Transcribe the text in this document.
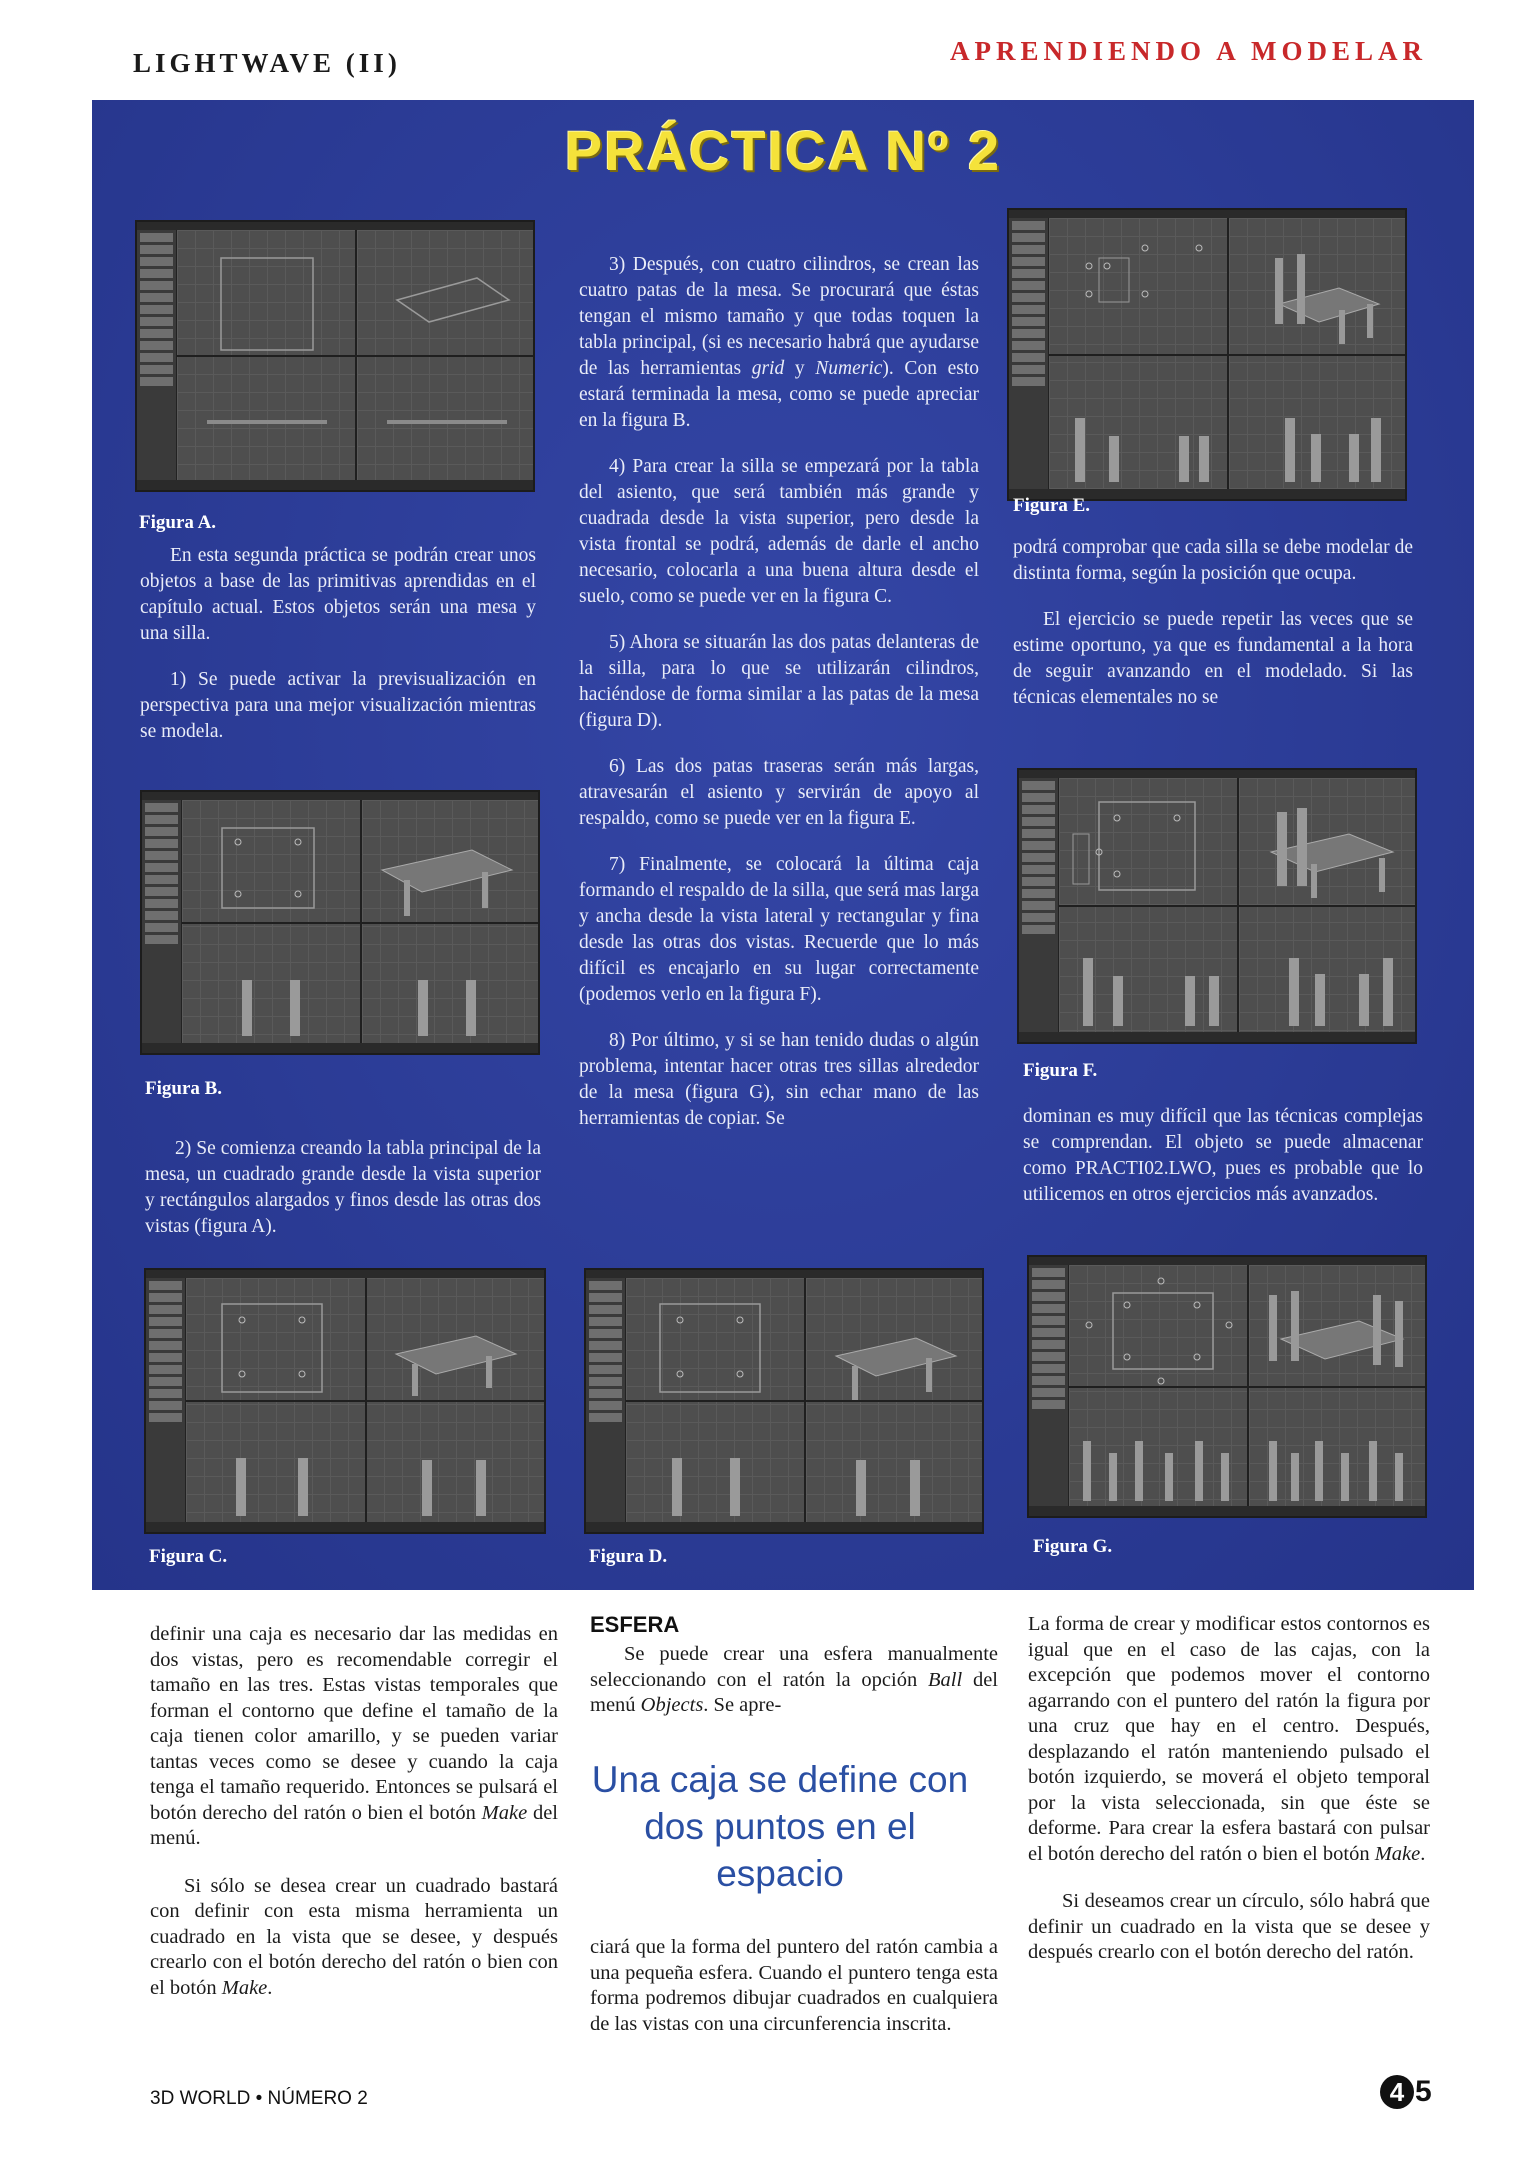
LIGHTWAVE (II)	APRENDIENDO A MODELAR
PRÁCTICA Nº 2
Figura A.
Figura B.
Figura C.	Figura D.
Figura E.
Figura F.
Figura G.

En esta segunda práctica se podrán crear unos objetos a base de las primitivas aprendidas en el capítulo actual. Estos objetos serán una mesa y una silla.

1) Se puede activar la previsualización en perspectiva para una mejor visualización mientras se modela.

2) Se comienza creando la tabla principal de la mesa, un cuadrado grande desde la vista superior y rectángulos alargados y finos desde las otras dos vistas (figura A).

3) Después, con cuatro cilindros, se crean las cuatro patas de la mesa. Se procurará que éstas tengan el mismo tamaño y que todas toquen la tabla principal, (si es necesario habrá que ayudarse de las herramientas grid y Numeric). Con esto estará terminada la mesa, como se puede apreciar en la figura B.

4) Para crear la silla se empezará por la tabla del asiento, que será también más grande y cuadrada desde la vista superior, pero desde la vista frontal se podrá, además de darle el ancho necesario, colocarla a una buena altura desde el suelo, como se puede ver en la figura C.

5) Ahora se situarán las dos patas delanteras de la silla, para lo que se utilizarán cilindros, haciéndose de forma similar a las patas de la mesa (figura D).

6) Las dos patas traseras serán más largas, atravesarán el asiento y servirán de apoyo al respaldo, como se puede ver en la figura E.

7) Finalmente, se colocará la última caja formando el respaldo de la silla, que será mas larga y ancha desde la vista lateral y rectangular y fina desde las otras dos vistas. Recuerde que lo más difícil es encajarlo en su lugar correctamente (podemos verlo en la figura F).

8) Por último, y si se han tenido dudas o algún problema, intentar hacer otras tres sillas alrededor de la mesa (figura G), sin echar mano de las herramientas de copiar. Se

podrá comprobar que cada silla se debe modelar de distinta forma, según la posición que ocupa.

El ejercicio se puede repetir las veces que se estime oportuno, ya que es fundamental a la hora de seguir avanzando en el modelado. Si las técnicas elementales no se

dominan es muy difícil que las técnicas complejas se comprendan. El objeto se puede almacenar como PRACTI02.LWO, pues es probable que lo utilicemos en otros ejercicios más avanzados.

definir una caja es necesario dar las medidas en dos vistas, pero es recomendable corregir el tamaño en las tres. Estas vistas temporales que forman el contorno que define el tamaño de la caja tienen color amarillo, y se pueden variar tantas veces como se desee y cuando la caja tenga el tamaño requerido. Entonces se pulsará el botón derecho del ratón o bien el botón Make del menú.

Si sólo se desea crear un cuadrado bastará con definir con esta misma herramienta un cuadrado en la vista que se desee, y después crearlo con el botón derecho del ratón o bien con el botón Make.

ESFERA

Se puede crear una esfera manualmente seleccionando con el ratón la opción Ball del menú Objects. Se apre-

Una caja se define con dos puntos en el espacio

ciará que la forma del puntero del ratón cambia a una pequeña esfera. Cuando el puntero tenga esta forma podremos dibujar cuadrados en cualquiera de las vistas con una circunferencia inscrita.

La forma de crear y modificar estos contornos es igual que en el caso de las cajas, con la excepción que podemos mover el contorno agarrando con el puntero del ratón la figura por una cruz que hay en el centro. Después, desplazando el ratón manteniendo pulsado el botón izquierdo, se moverá el objeto temporal por la vista seleccionada, sin que éste se deforme. Para crear la esfera bastará con pulsar el botón derecho del ratón o bien el botón Make.

Si deseamos crear un círculo, sólo habrá que definir un cuadrado en la vista que se desee y después crearlo con el botón derecho del ratón.

3D WORLD • NÚMERO 2	4 5
